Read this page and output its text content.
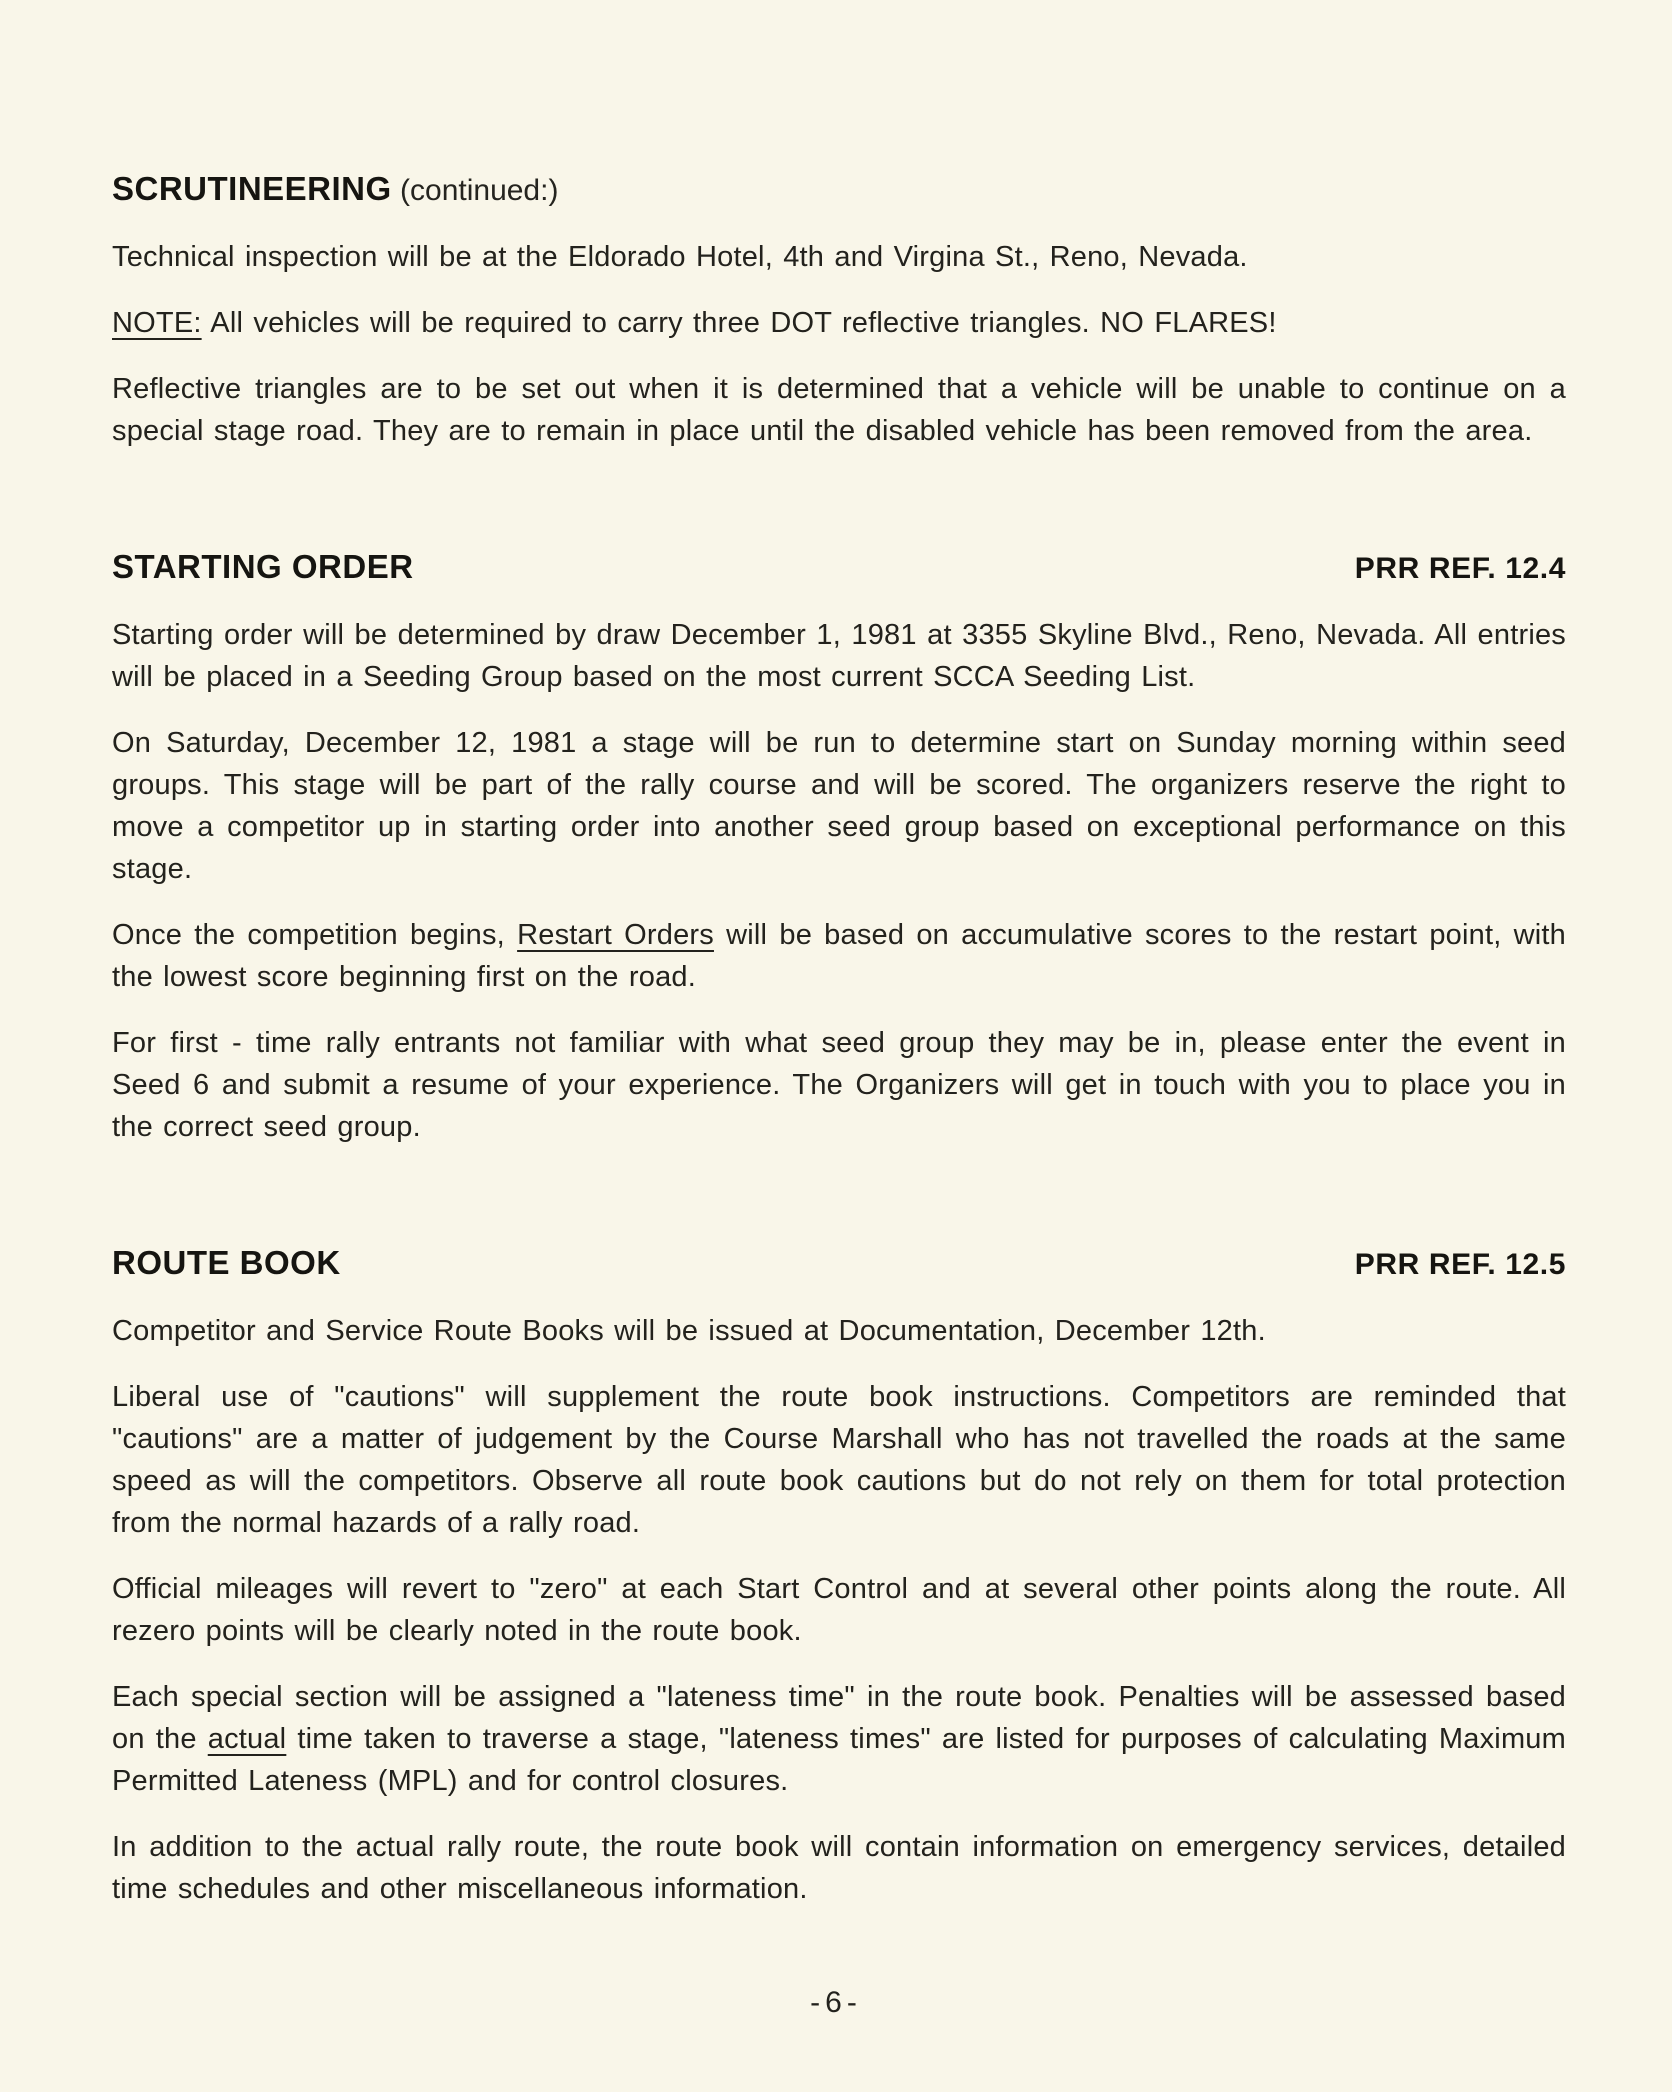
SCRUTINEERING (continued:)

Technical inspection will be at the Eldorado Hotel, 4th and Virgina St., Reno, Nevada.

NOTE: All vehicles will be required to carry three DOT reflective triangles. NO FLARES!

Reflective triangles are to be set out when it is determined that a vehicle will be unable to continue on a special stage road. They are to remain in place until the disabled vehicle has been removed from the area.

STARTING ORDER	PRR REF. 12.4

Starting order will be determined by draw December 1, 1981 at 3355 Skyline Blvd., Reno, Nevada. All entries will be placed in a Seeding Group based on the most current SCCA Seeding List.

On Saturday, December 12, 1981 a stage will be run to determine start on Sunday morning within seed groups. This stage will be part of the rally course and will be scored. The organizers reserve the right to move a competitor up in starting order into another seed group based on exceptional performance on this stage.

Once the competition begins, Restart Orders will be based on accumulative scores to the restart point, with the lowest score beginning first on the road.

For first - time rally entrants not familiar with what seed group they may be in, please enter the event in Seed 6 and submit a resume of your experience. The Organizers will get in touch with you to place you in the correct seed group.

ROUTE BOOK	PRR REF. 12.5

Competitor and Service Route Books will be issued at Documentation, December 12th.

Liberal use of "cautions" will supplement the route book instructions. Competitors are reminded that "cautions" are a matter of judgement by the Course Marshall who has not travelled the roads at the same speed as will the competitors. Observe all route book cautions but do not rely on them for total protection from the normal hazards of a rally road.

Official mileages will revert to "zero" at each Start Control and at several other points along the route. All rezero points will be clearly noted in the route book.

Each special section will be assigned a "lateness time" in the route book. Penalties will be assessed based on the actual time taken to traverse a stage, "lateness times" are listed for purposes of calculating Maximum Permitted Lateness (MPL) and for control closures.

In addition to the actual rally route, the route book will contain information on emergency services, detailed time schedules and other miscellaneous information.

-6-
